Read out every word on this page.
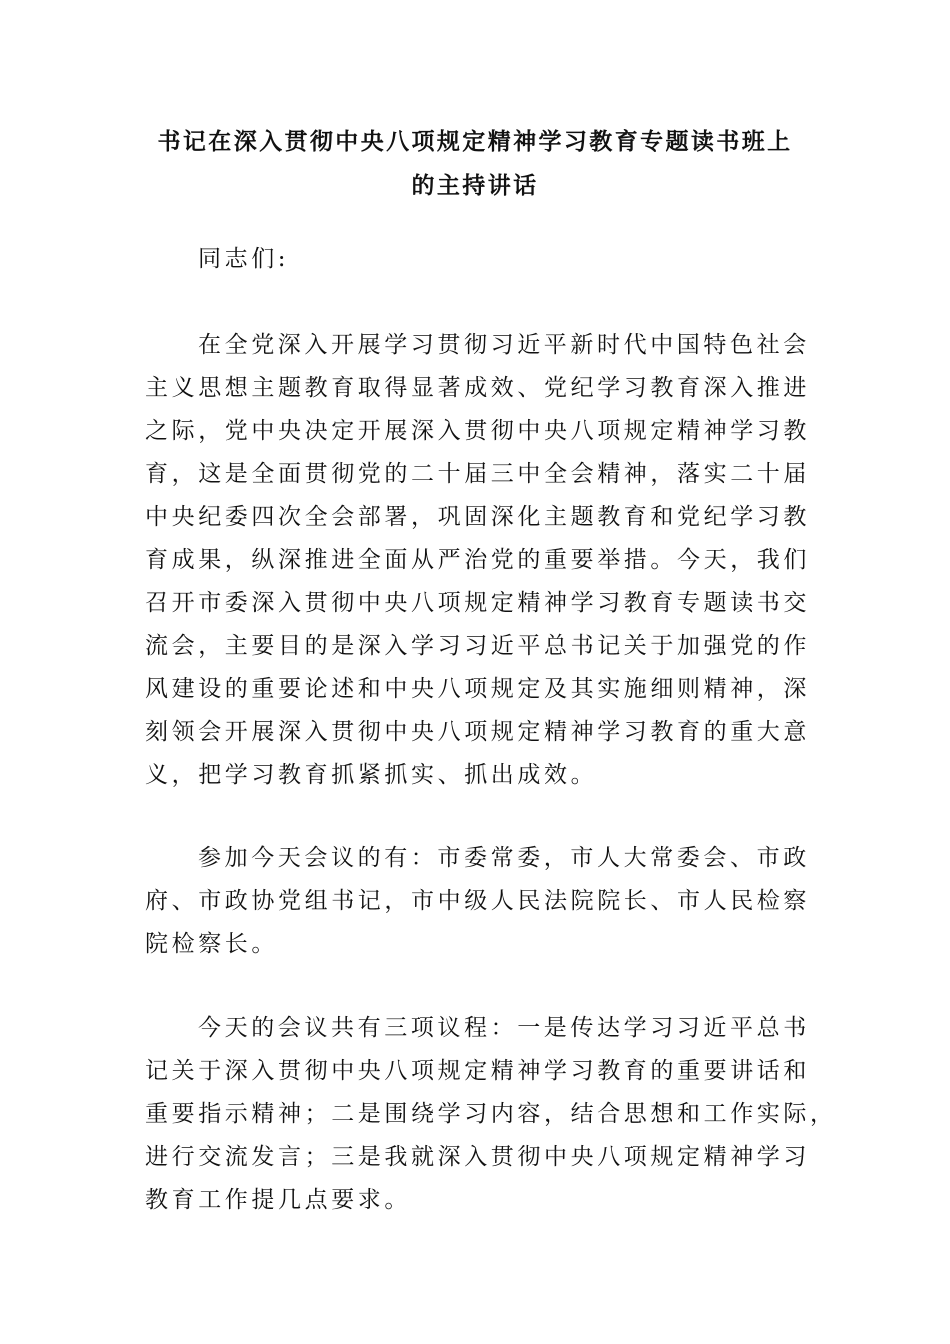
书记在深入贯彻中央八项规定精神学习教育专题读书班上
的主持讲话
同志们:
在全党深入开展学习贯彻习近平新时代中国特色社会
主义思想主题教育取得显著成效、党纪学习教育深入推进
之际，党中央决定开展深入贯彻中央八项规定精神学习教
育，这是全面贯彻党的二十届三中全会精神，落实二十届
中央纪委四次全会部署，巩固深化主题教育和党纪学习教
育成果，纵深推进全面从严治党的重要举措。今天，我们
召开市委深入贯彻中央八项规定精神学习教育专题读书交
流会，主要目的是深入学习习近平总书记关于加强党的作
风建设的重要论述和中央八项规定及其实施细则精神，深
刻领会开展深入贯彻中央八项规定精神学习教育的重大意
义，把学习教育抓紧抓实、抓出成效。
参加今天会议的有：市委常委，市人大常委会、市政
府、市政协党组书记，市中级人民法院院长、市人民检察
院检察长。
今天的会议共有三项议程：一是传达学习习近平总书
记关于深入贯彻中央八项规定精神学习教育的重要讲话和
重要指示精神；二是围绕学习内容，结合思想和工作实际，
进行交流发言；三是我就深入贯彻中央八项规定精神学习
教育工作提几点要求。
